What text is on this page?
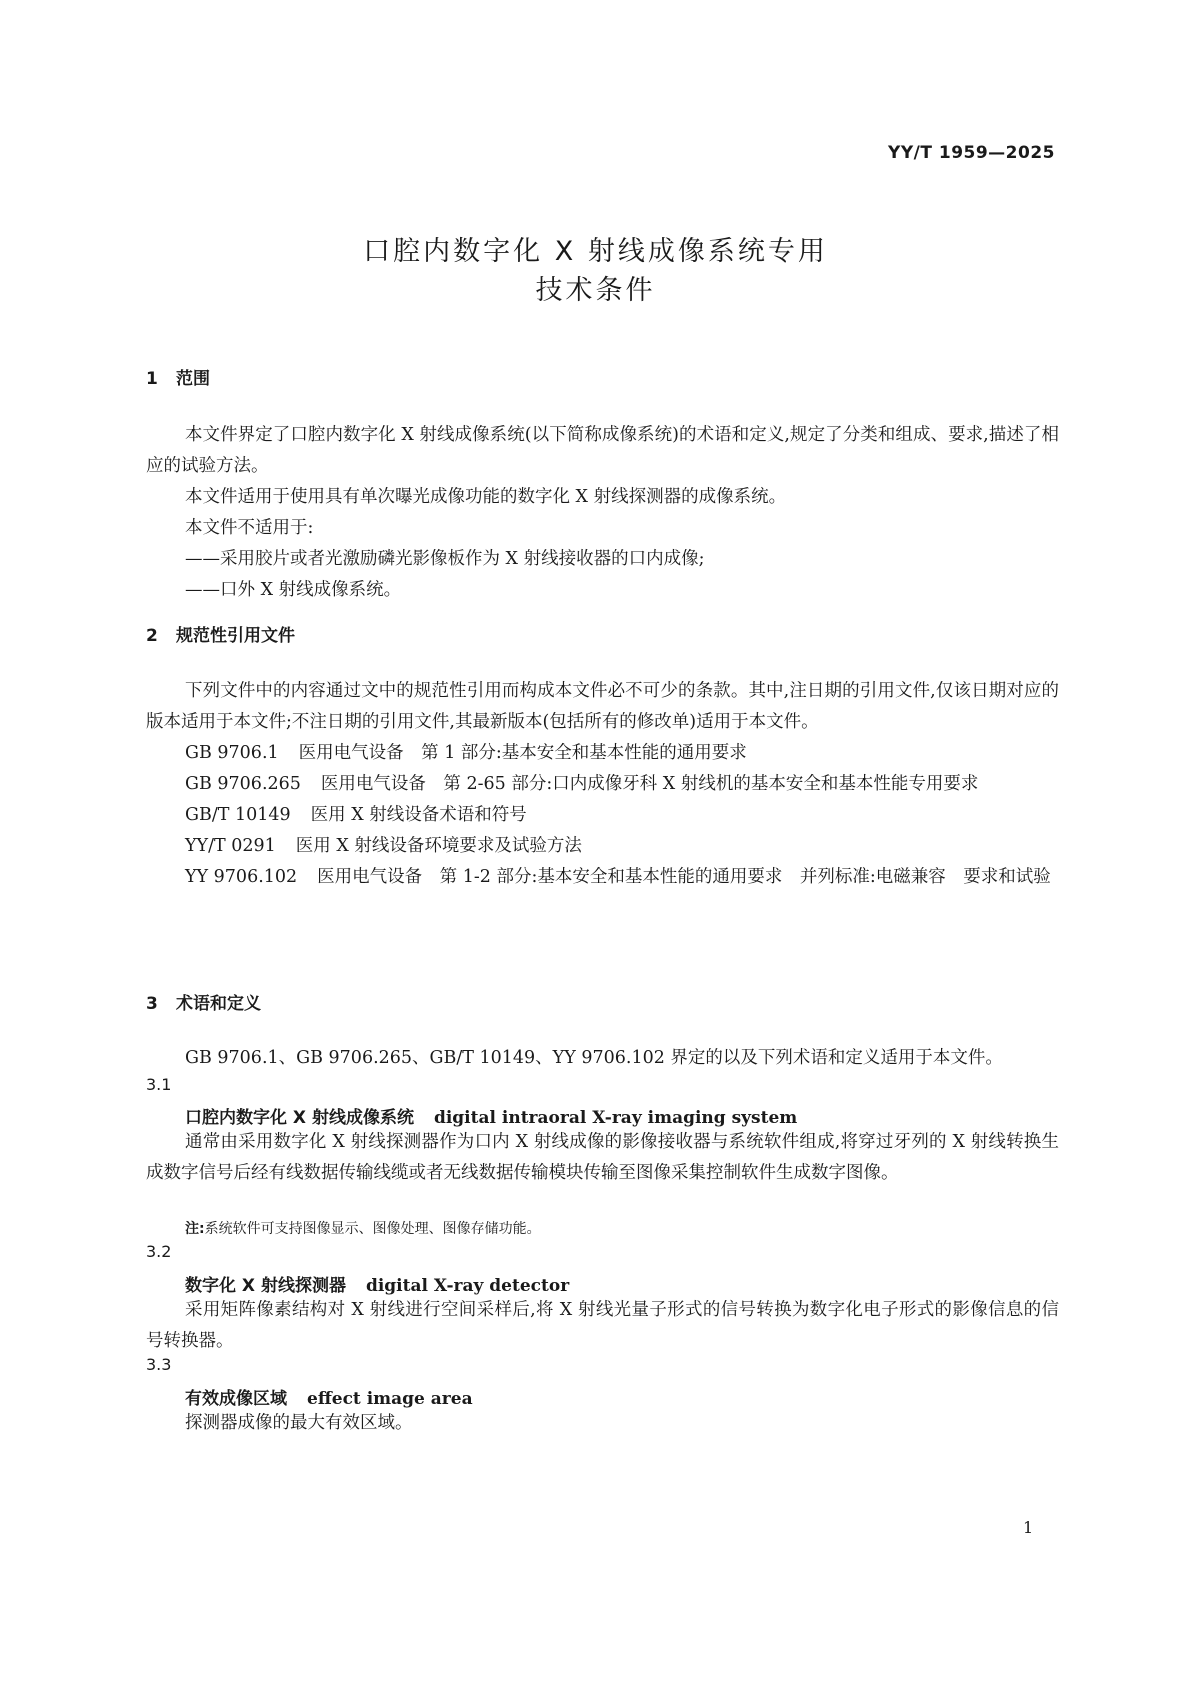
YY/T 1959—2025
口腔内数字化 X 射线成像系统专用
技术条件
1 范围

本文件界定了口腔内数字化 X 射线成像系统(以下简称成像系统)的术语和定义,规定了分类和组成、要求,描述了相应的试验方法。

本文件适用于使用具有单次曝光成像功能的数字化 X 射线探测器的成像系统。

本文件不适用于:

——采用胶片或者光激励磷光影像板作为 X 射线接收器的口内成像;

——口外 X 射线成像系统。

2 规范性引用文件

下列文件中的内容通过文中的规范性引用而构成本文件必不可少的条款。其中,注日期的引用文件,仅该日期对应的版本适用于本文件;不注日期的引用文件,其最新版本(包括所有的修改单)适用于本文件。

GB 9706.1 医用电气设备　第 1 部分:基本安全和基本性能的通用要求

GB 9706.265 医用电气设备　第 2-65 部分:口内成像牙科 X 射线机的基本安全和基本性能专用要求

GB/T 10149 医用 X 射线设备术语和符号

YY/T 0291 医用 X 射线设备环境要求及试验方法

YY 9706.102 医用电气设备　第 1-2 部分:基本安全和基本性能的通用要求　并列标准:电磁兼容　要求和试验

3 术语和定义

GB 9706.1、GB 9706.265、GB/T 10149、YY 9706.102 界定的以及下列术语和定义适用于本文件。

3.1
口腔内数字化 X 射线成像系统 digital intraoral X-ray imaging system

通常由采用数字化 X 射线探测器作为口内 X 射线成像的影像接收器与系统软件组成,将穿过牙列的 X 射线转换生成数字信号后经有线数据传输线缆或者无线数据传输模块传输至图像采集控制软件生成数字图像。

注:系统软件可支持图像显示、图像处理、图像存储功能。
3.2
数字化 X 射线探测器 digital X-ray detector

采用矩阵像素结构对 X 射线进行空间采样后,将 X 射线光量子形式的信号转换为数字化电子形式的影像信息的信号转换器。

3.3
有效成像区域 effect image area

探测器成像的最大有效区域。

1
